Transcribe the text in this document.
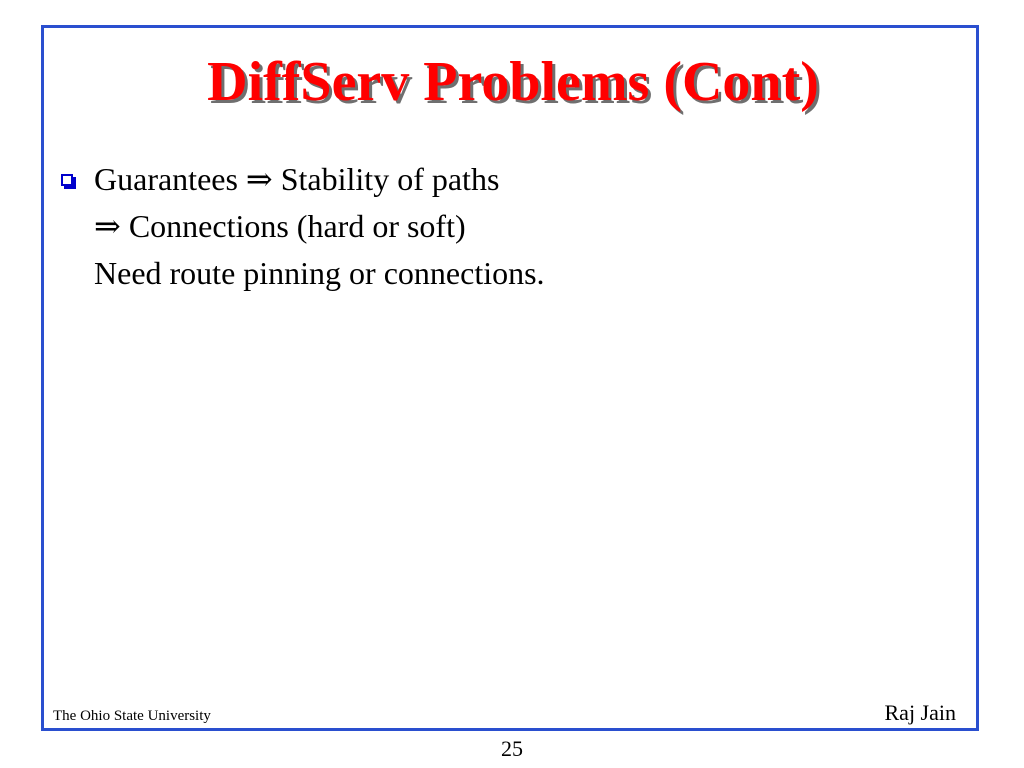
DiffServ Problems (Cont)
Guarantees ⇒ Stability of paths
⇒ Connections (hard or soft)
Need route pinning or connections.
The Ohio State University	Raj Jain
25
